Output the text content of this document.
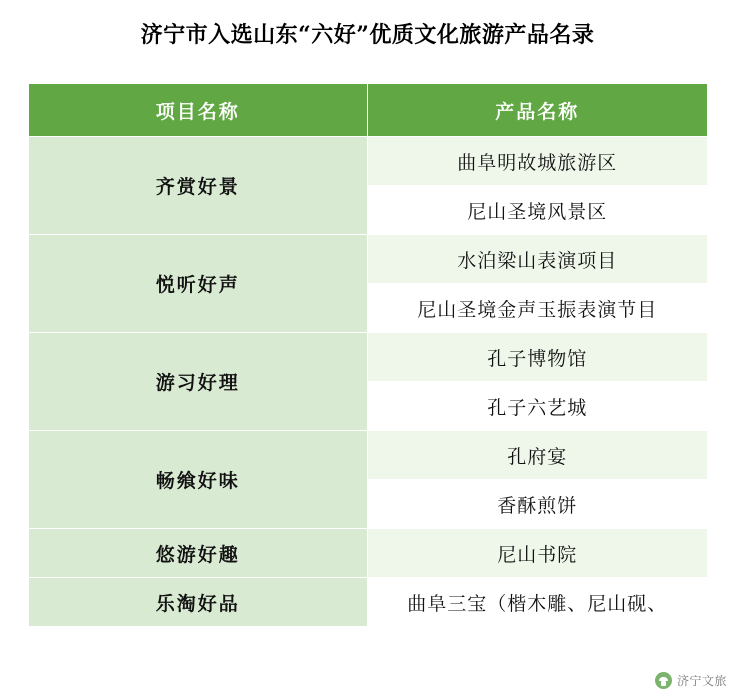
济宁市入选山东“六好”优质文化旅游产品名录
项目名称	产品名称
齐赏好景	曲阜明故城旅游区
	尼山圣境风景区
悦听好声	水泊梁山表演项目
	尼山圣境金声玉振表演节目
游习好理	孔子博物馆
	孔子六艺城
畅飨好味	孔府宴
	香酥煎饼
悠游好趣	尼山书院
乐淘好品	曲阜三宝（楷木雕、尼山砚、
济宁文旅
